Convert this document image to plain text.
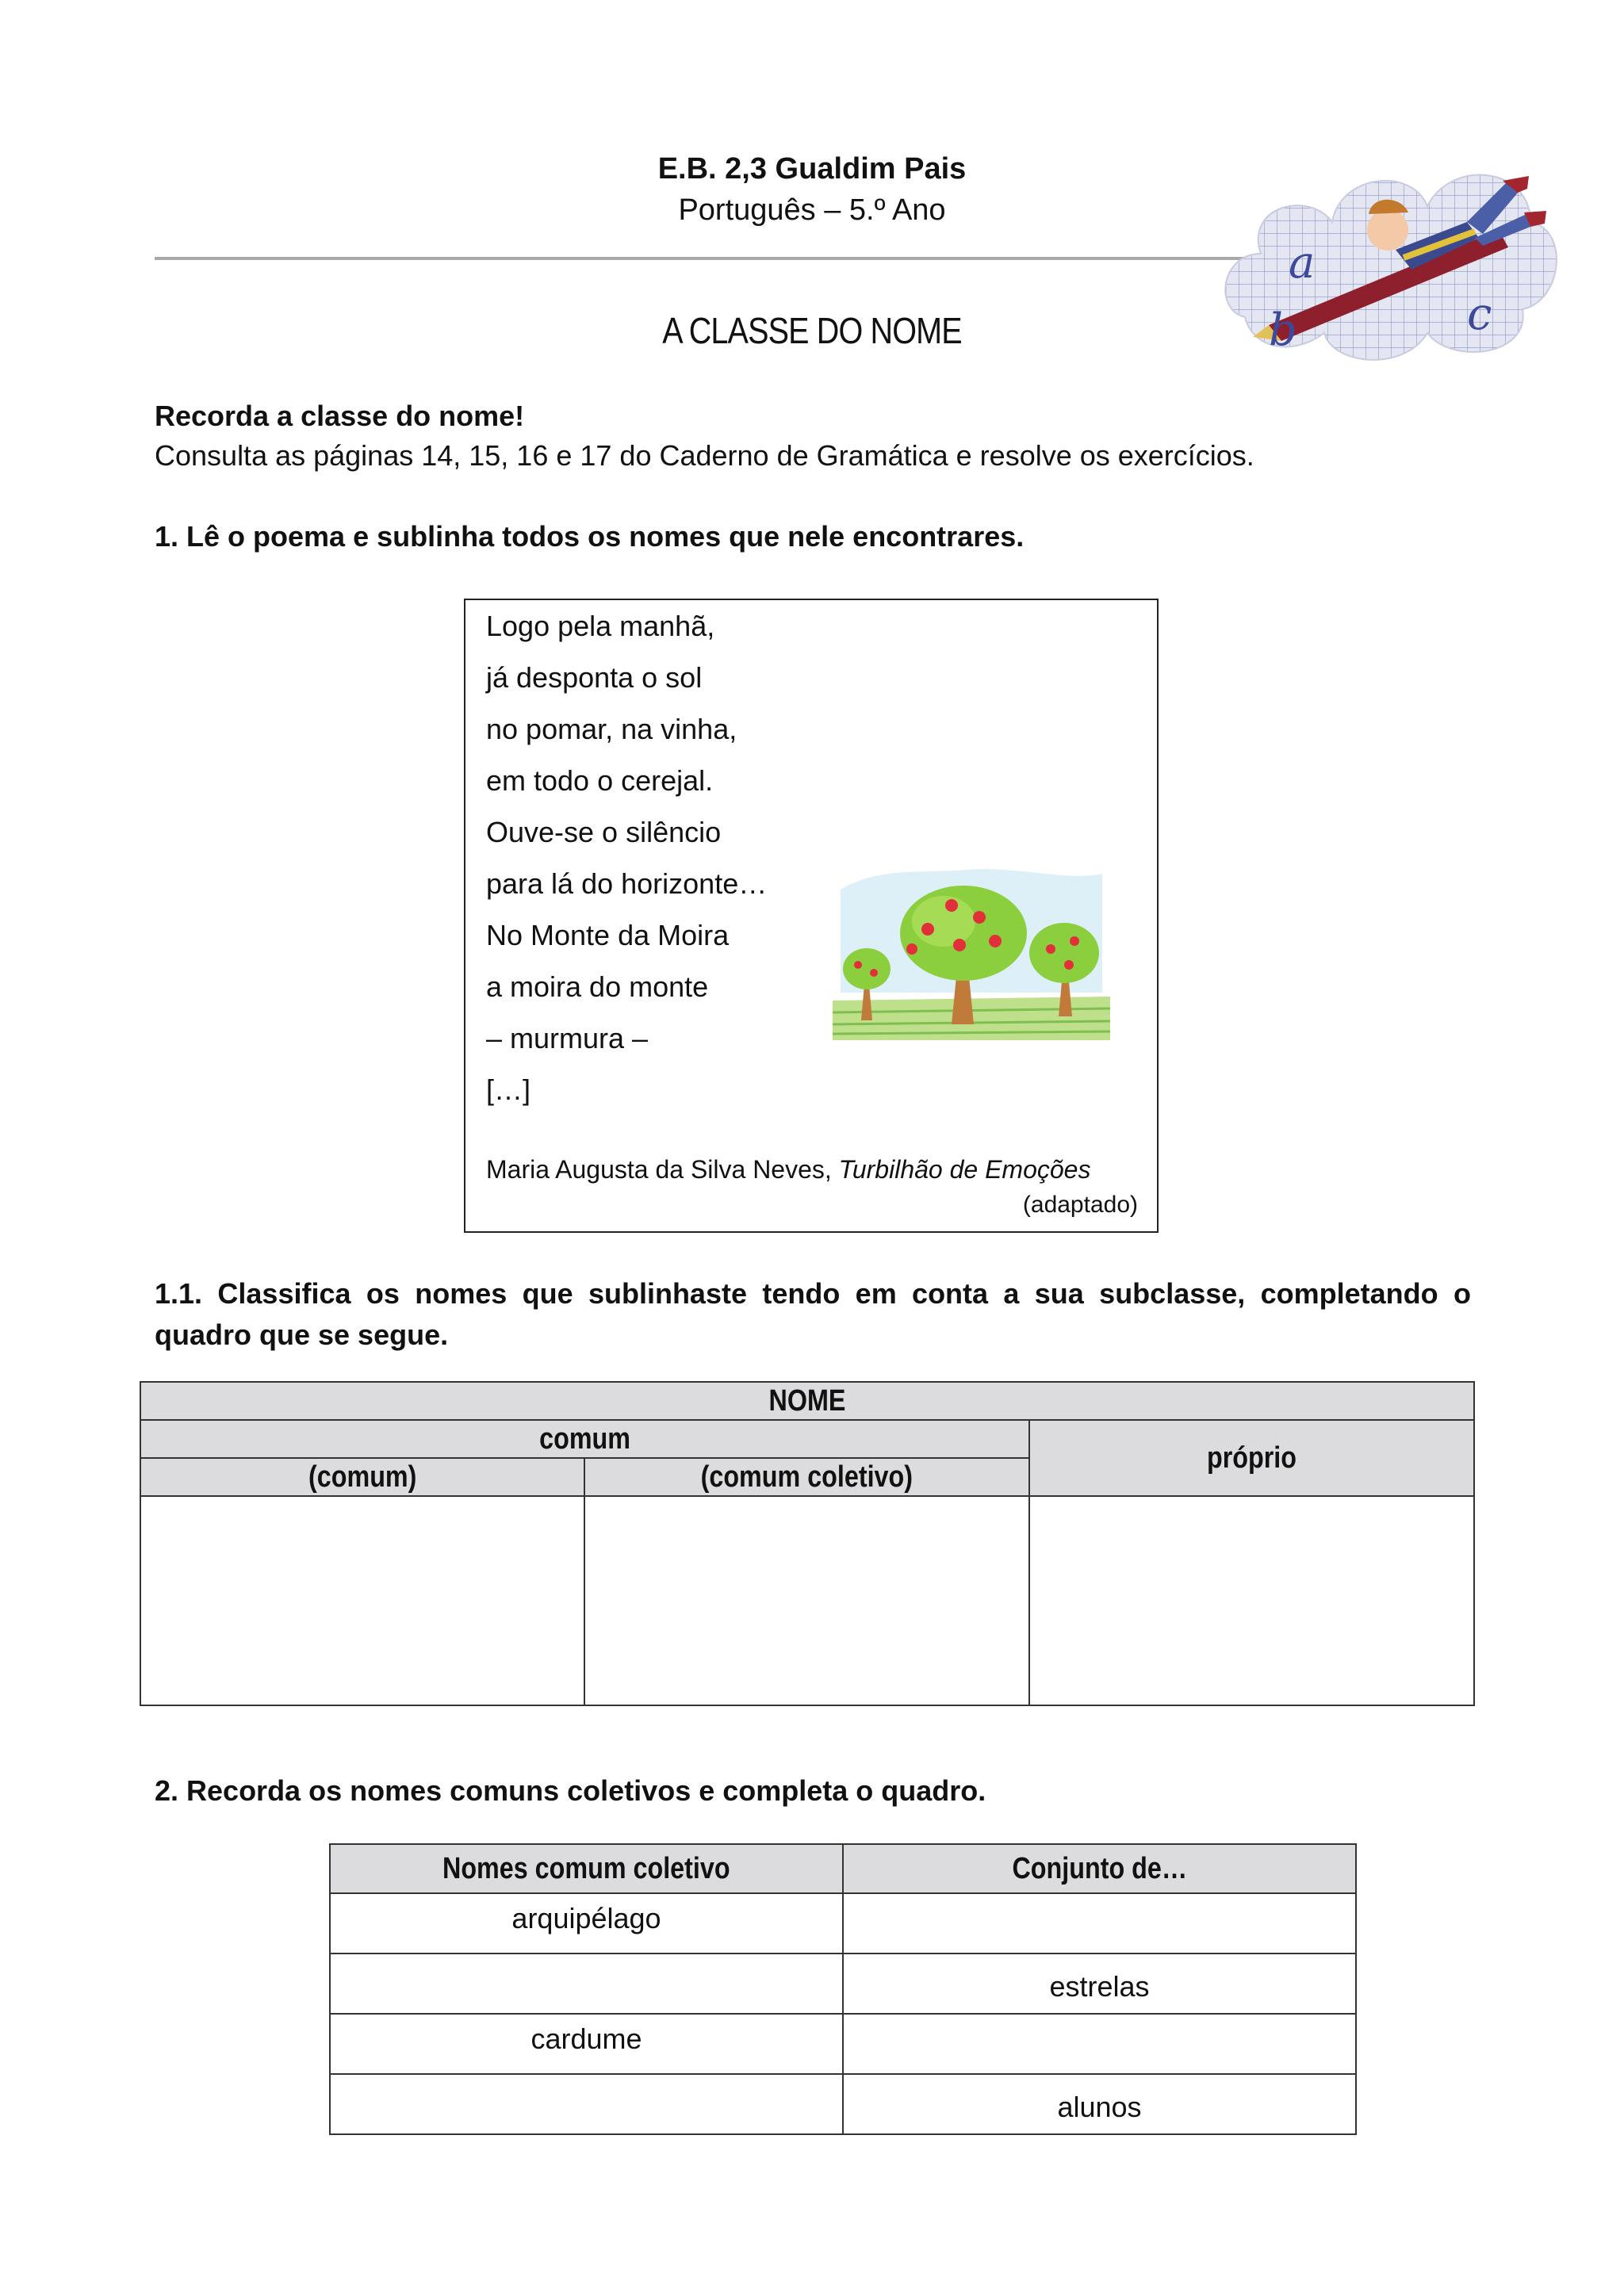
E.B. 2,3 Gualdim Pais
Português – 5.º Ano
A CLASSE DO NOME
a
b	c
Recorda a classe do nome!
Consulta as páginas 14, 15, 16 e 17 do Caderno de Gramática e resolve os exercícios.
1. Lê o poema e sublinha todos os nomes que nele encontrares.
Logo pela manhã,
já desponta o sol
no pomar, na vinha,
em todo o cerejal.
Ouve-se o silêncio
para lá do horizonte…
No Monte da Moira
a moira do monte
– murmura –
[…]
Maria Augusta da Silva Neves, Turbilhão de Emoções
(adaptado)
1.1. Classifica os nomes que sublinhaste tendo em conta a sua subclasse, completando o quadro que se segue.
NOME		
comum		próprio
(comum)	(comum coletivo)	

2. Recorda os nomes comuns coletivos e completa o quadro.
Nomes comum coletivo	Conjunto de…
arquipélago	
	estrelas
cardume	
	alunos
